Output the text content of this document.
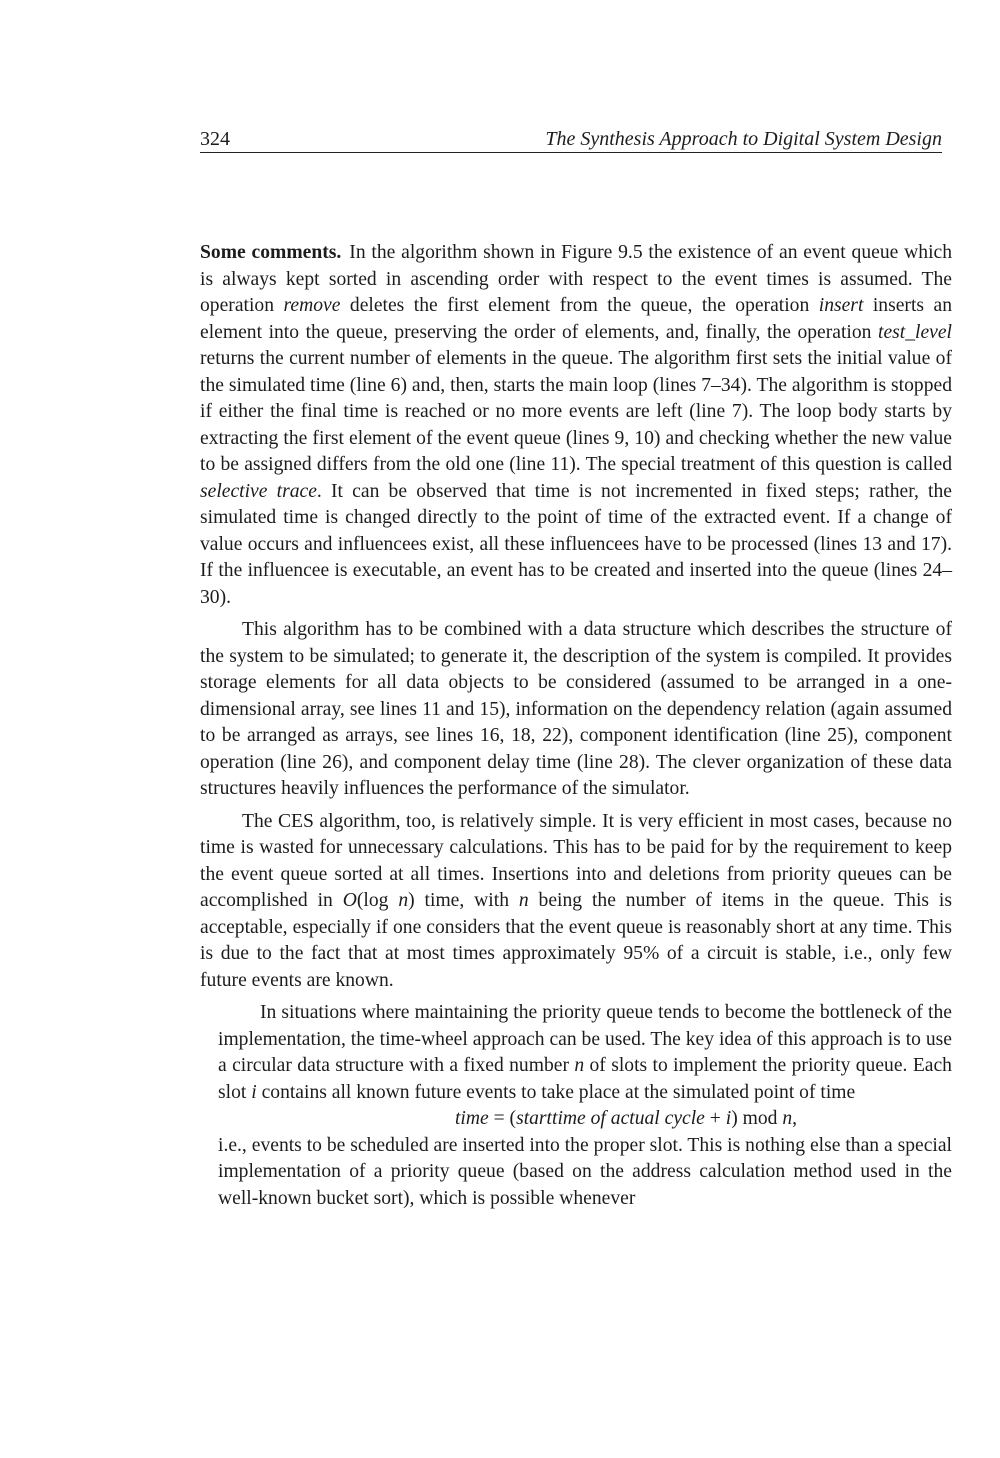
324	The Synthesis Approach to Digital System Design

Some comments. In the algorithm shown in Figure 9.5 the existence of an event queue which is always kept sorted in ascending order with respect to the event times is assumed. The operation remove deletes the first element from the queue, the operation insert inserts an element into the queue, preserving the order of elements, and, finally, the operation test_level returns the current number of elements in the queue. The algorithm first sets the initial value of the simulated time (line 6) and, then, starts the main loop (lines 7–34). The algorithm is stopped if either the final time is reached or no more events are left (line 7). The loop body starts by extracting the first element of the event queue (lines 9, 10) and checking whether the new value to be assigned differs from the old one (line 11). The special treatment of this question is called selective trace. It can be observed that time is not incremented in fixed steps; rather, the simulated time is changed directly to the point of time of the extracted event. If a change of value occurs and influencees exist, all these influencees have to be processed (lines 13 and 17). If the influencee is executable, an event has to be created and inserted into the queue (lines 24–30).

This algorithm has to be combined with a data structure which describes the structure of the system to be simulated; to generate it, the description of the system is compiled. It provides storage elements for all data objects to be considered (assumed to be arranged in a one-dimensional array, see lines 11 and 15), information on the dependency relation (again assumed to be arranged as arrays, see lines 16, 18, 22), component identification (line 25), component operation (line 26), and component delay time (line 28). The clever organization of these data structures heavily influences the performance of the simulator.

The CES algorithm, too, is relatively simple. It is very efficient in most cases, because no time is wasted for unnecessary calculations. This has to be paid for by the requirement to keep the event queue sorted at all times. Insertions into and deletions from priority queues can be accomplished in O(log n) time, with n being the number of items in the queue. This is acceptable, especially if one considers that the event queue is reasonably short at any time. This is due to the fact that at most times approximately 95% of a circuit is stable, i.e., only few future events are known.

In situations where maintaining the priority queue tends to become the bottleneck of the implementation, the time-wheel approach can be used. The key idea of this approach is to use a circular data structure with a fixed number n of slots to implement the priority queue. Each slot i contains all known future events to take place at the simulated point of time
time = (starttime of actual cycle + i) mod n,
i.e., events to be scheduled are inserted into the proper slot. This is nothing else than a special implementation of a priority queue (based on the address calculation method used in the well-known bucket sort), which is possible whenever
